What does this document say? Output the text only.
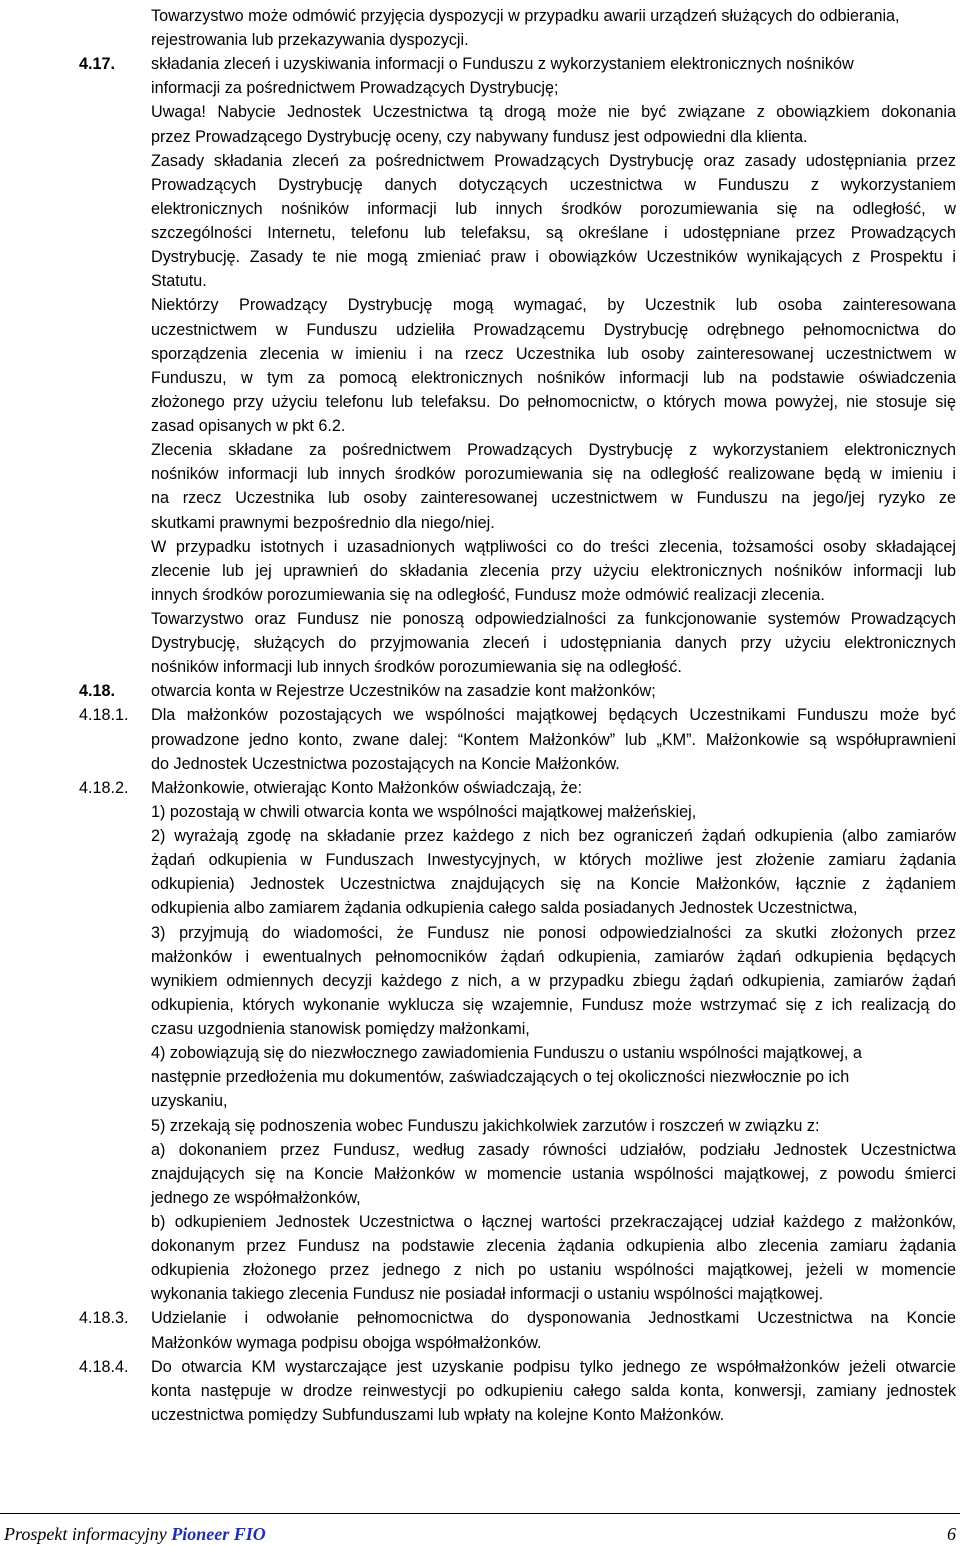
Towarzystwo może odmówić przyjęcia dyspozycji w przypadku awarii urządzeń służących do odbierania,
rejestrowania lub przekazywania dyspozycji.
składania zleceń i uzyskiwania informacji o Funduszu z wykorzystaniem elektronicznych nośników
informacji za pośrednictwem Prowadzących Dystrybucję;
Uwaga! Nabycie Jednostek Uczestnictwa tą drogą może nie być związane z obowiązkiem dokonania
przez Prowadzącego Dystrybucję oceny, czy nabywany fundusz jest odpowiedni dla klienta.
Zasady składania zleceń za pośrednictwem Prowadzących Dystrybucję oraz zasady udostępniania przez
Prowadzących Dystrybucję danych dotyczących uczestnictwa w Funduszu z wykorzystaniem
elektronicznych nośników informacji lub innych środków porozumiewania się na odległość, w
szczególności Internetu, telefonu lub telefaksu, są określane i udostępniane przez Prowadzących
Dystrybucję. Zasady te nie mogą zmieniać praw i obowiązków Uczestników wynikających z Prospektu i
Statutu.
Niektórzy Prowadzący Dystrybucję mogą wymagać, by Uczestnik lub osoba zainteresowana
uczestnictwem w Funduszu udzieliła Prowadzącemu Dystrybucję odrębnego pełnomocnictwa do
sporządzenia zlecenia w imieniu i na rzecz Uczestnika lub osoby zainteresowanej uczestnictwem w
Funduszu, w tym za pomocą elektronicznych nośników informacji lub na podstawie oświadczenia
złożonego przy użyciu telefonu lub telefaksu. Do pełnomocnictw, o których mowa powyżej, nie stosuje się
zasad opisanych w pkt 6.2.
Zlecenia składane za pośrednictwem Prowadzących Dystrybucję z wykorzystaniem elektronicznych
nośników informacji lub innych środków porozumiewania się na odległość realizowane będą w imieniu i
na rzecz Uczestnika lub osoby zainteresowanej uczestnictwem w Funduszu na jego/jej ryzyko ze
skutkami prawnymi bezpośrednio dla niego/niej.
W przypadku istotnych i uzasadnionych wątpliwości co do treści zlecenia, tożsamości osoby składającej
zlecenie lub jej uprawnień do składania zlecenia przy użyciu elektronicznych nośników informacji lub
innych środków porozumiewania się na odległość, Fundusz może odmówić realizacji zlecenia.
Towarzystwo oraz Fundusz nie ponoszą odpowiedzialności za funkcjonowanie systemów Prowadzących
Dystrybucję, służących do przyjmowania zleceń i udostępniania danych przy użyciu elektronicznych
nośników informacji lub innych środków porozumiewania się na odległość.
otwarcia konta w Rejestrze Uczestników na zasadzie kont małżonków;
Dla małżonków pozostających we wspólności majątkowej będących Uczestnikami Funduszu może być
prowadzone jedno konto, zwane dalej: “Kontem Małżonków” lub „KM”. Małżonkowie są współuprawnieni
do Jednostek Uczestnictwa pozostających na Koncie Małżonków.
Małżonkowie, otwierając Konto Małżonków oświadczają, że:
1) pozostają w chwili otwarcia konta we wspólności majątkowej małżeńskiej,
2) wyrażają zgodę na składanie przez każdego z nich bez ograniczeń żądań odkupienia (albo zamiarów
żądań odkupienia w Funduszach Inwestycyjnych, w których możliwe jest złożenie zamiaru żądania
odkupienia) Jednostek Uczestnictwa znajdujących się na Koncie Małżonków, łącznie z żądaniem
odkupienia albo zamiarem żądania odkupienia całego salda posiadanych Jednostek Uczestnictwa,
3) przyjmują do wiadomości, że Fundusz nie ponosi odpowiedzialności za skutki złożonych przez
małżonków i ewentualnych pełnomocników żądań odkupienia, zamiarów żądań odkupienia będących
wynikiem odmiennych decyzji każdego z nich, a w przypadku zbiegu żądań odkupienia, zamiarów żądań
odkupienia, których wykonanie wyklucza się wzajemnie, Fundusz może wstrzymać się z ich realizacją do
czasu uzgodnienia stanowisk pomiędzy małżonkami,
4) zobowiązują się do niezwłocznego zawiadomienia Funduszu o ustaniu wspólności majątkowej, a
następnie przedłożenia mu dokumentów, zaświadczających o tej okoliczności niezwłocznie po ich
uzyskaniu,
5) zrzekają się podnoszenia wobec Funduszu jakichkolwiek zarzutów i roszczeń w związku z:
a) dokonaniem przez Fundusz, według zasady równości udziałów, podziału Jednostek Uczestnictwa
znajdujących się na Koncie Małżonków w momencie ustania wspólności majątkowej, z powodu śmierci
jednego ze współmałżonków,
b) odkupieniem Jednostek Uczestnictwa o łącznej wartości przekraczającej udział każdego z małżonków,
dokonanym przez Fundusz na podstawie zlecenia żądania odkupienia albo zlecenia zamiaru żądania
odkupienia złożonego przez jednego z nich po ustaniu wspólności majątkowej, jeżeli w momencie
wykonania takiego zlecenia Fundusz nie posiadał informacji o ustaniu wspólności majątkowej.
Udzielanie i odwołanie pełnomocnictwa do dysponowania Jednostkami Uczestnictwa na Koncie
Małżonków wymaga podpisu obojga współmałżonków.
Do otwarcia KM wystarczające jest uzyskanie podpisu tylko jednego ze współmałżonków jeżeli otwarcie
konta następuje w drodze reinwestycji po odkupieniu całego salda konta, konwersji, zamiany jednostek
uczestnictwa pomiędzy Subfunduszami lub wpłaty na kolejne Konto Małżonków.
4.17.
4.18.
4.18.1.
4.18.2.
4.18.3.
4.18.4.
Prospekt informacyjny Pioneer FIO	6
